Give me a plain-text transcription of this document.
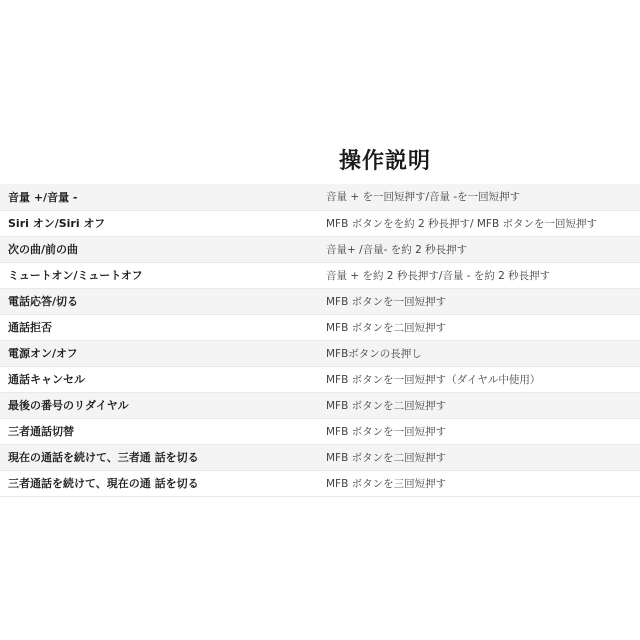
操作説明
音量 +/音量 -	音量 + を一回短押す/音量 -を一回短押す
Siri オン/Siri オフ	MFB ボタンをを約 2 秒長押す/ MFB ボタンを一回短押す
次の曲/前の曲	音量+ /音量- を約 2 秒長押す
ミュートオン/ミュートオフ	音量 + を約 2 秒長押す/音量 - を約 2 秒長押す
電話応答/切る	MFB ボタンを一回短押す
通話拒否	MFB ボタンを二回短押す
電源オン/オフ	MFBボタンの長押し
通話キャンセル	MFB ボタンを一回短押す（ダイヤル中使用）
最後の番号のリダイヤル	MFB ボタンを二回短押す
三者通話切替	MFB ボタンを一回短押す
現在の通話を続けて、三者通 話を切る	MFB ボタンを二回短押す
三者通話を続けて、現在の通 話を切る	MFB ボタンを三回短押す
